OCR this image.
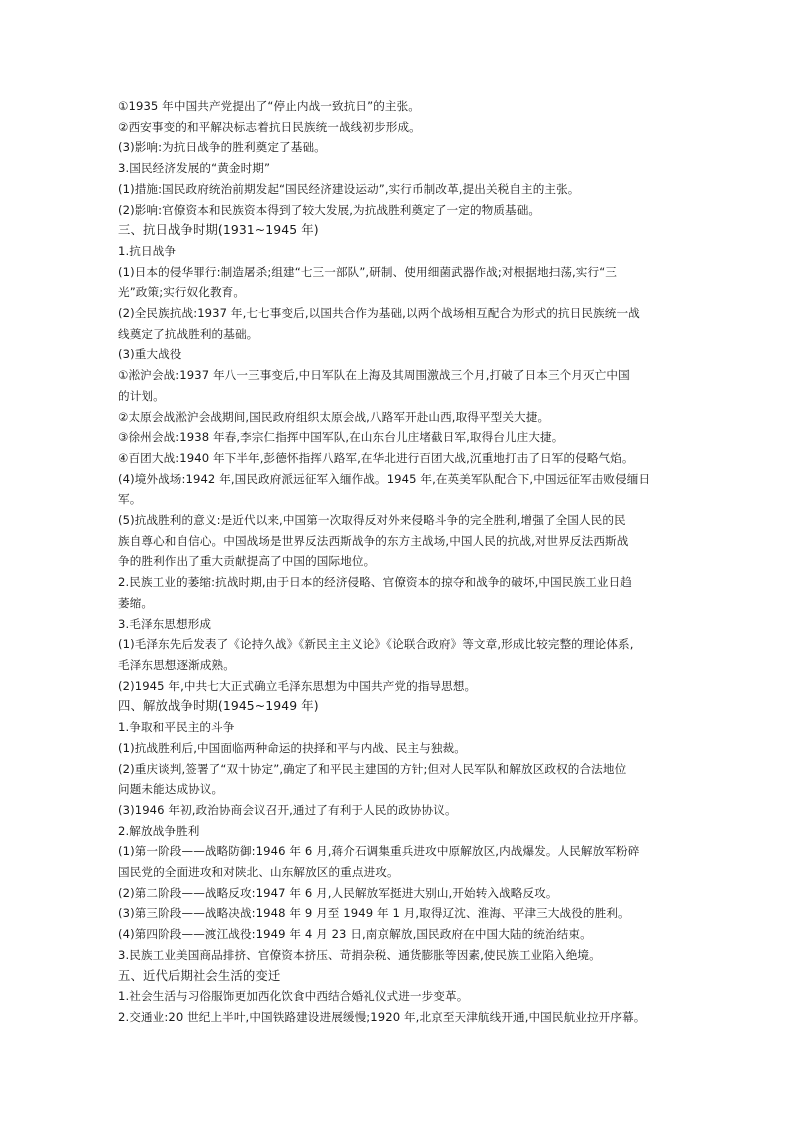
①1935 年中国共产党提出了“停止内战一致抗日”的主张。

②西安事变的和平解决标志着抗日民族统一战线初步形成。

(3)影响:为抗日战争的胜利奠定了基础。

3.国民经济发展的“黄金时期”

(1)措施:国民政府统治前期发起“国民经济建设运动”,实行币制改革,提出关税自主的主张。

(2)影响:官僚资本和民族资本得到了较大发展,为抗战胜利奠定了一定的物质基础。

三、抗日战争时期(1931~1945 年)

1.抗日战争

(1)日本的侵华罪行:制造屠杀;组建“七三一部队”,研制、使用细菌武器作战;对根据地扫荡,实行“三

光”政策;实行奴化教育。

(2)全民族抗战:1937 年,七七事变后,以国共合作为基础,以两个战场相互配合为形式的抗日民族统一战

线奠定了抗战胜利的基础。

(3)重大战役

①淞沪会战:1937 年八一三事变后,中日军队在上海及其周围激战三个月,打破了日本三个月灭亡中国

的计划。

②太原会战淞沪会战期间,国民政府组织太原会战,八路军开赴山西,取得平型关大捷。

③徐州会战:1938 年春,李宗仁指挥中国军队,在山东台儿庄堵截日军,取得台儿庄大捷。

④百团大战:1940 年下半年,彭德怀指挥八路军,在华北进行百团大战,沉重地打击了日军的侵略气焰。

(4)境外战场:1942 年,国民政府派远征军入缅作战。1945 年,在英美军队配合下,中国远征军击败侵缅日

军。

(5)抗战胜利的意义:是近代以来,中国第一次取得反对外来侵略斗争的完全胜利,增强了全国人民的民

族自尊心和自信心。中国战场是世界反法西斯战争的东方主战场,中国人民的抗战,对世界反法西斯战

争的胜利作出了重大贡献提高了中国的国际地位。

2.民族工业的萎缩:抗战时期,由于日本的经济侵略、官僚资本的掠夺和战争的破坏,中国民族工业日趋

萎缩。

3.毛泽东思想形成

(1)毛泽东先后发表了《论持久战》《新民主主义论》《论联合政府》等文章,形成比较完整的理论体系,

毛泽东思想逐渐成熟。

(2)1945 年,中共七大正式确立毛泽东思想为中国共产党的指导思想。

四、解放战争时期(1945~1949 年)

1.争取和平民主的斗争

(1)抗战胜利后,中国面临两种命运的抉择和平与内战、民主与独裁。

(2)重庆谈判,签署了“双十协定”,确定了和平民主建国的方针;但对人民军队和解放区政权的合法地位

问题未能达成协议。

(3)1946 年初,政治协商会议召开,通过了有利于人民的政协协议。

2.解放战争胜利

(1)第一阶段——战略防御:1946 年 6 月,蒋介石调集重兵进攻中原解放区,内战爆发。人民解放军粉碎

国民党的全面进攻和对陕北、山东解放区的重点进攻。

(2)第二阶段——战略反攻:1947 年 6 月,人民解放军挺进大别山,开始转入战略反攻。

(3)第三阶段——战略决战:1948 年 9 月至 1949 年 1 月,取得辽沈、淮海、平津三大战役的胜利。

(4)第四阶段——渡江战役:1949 年 4 月 23 日,南京解放,国民政府在中国大陆的统治结束。

3.民族工业美国商品排挤、官僚资本挤压、苛捐杂税、通货膨胀等因素,使民族工业陷入绝境。

五、近代后期社会生活的变迁

1.社会生活与习俗服饰更加西化饮食中西结合婚礼仪式进一步变革。

2.交通业:20 世纪上半叶,中国铁路建设进展缓慢;1920 年,北京至天津航线开通,中国民航业拉开序幕。
